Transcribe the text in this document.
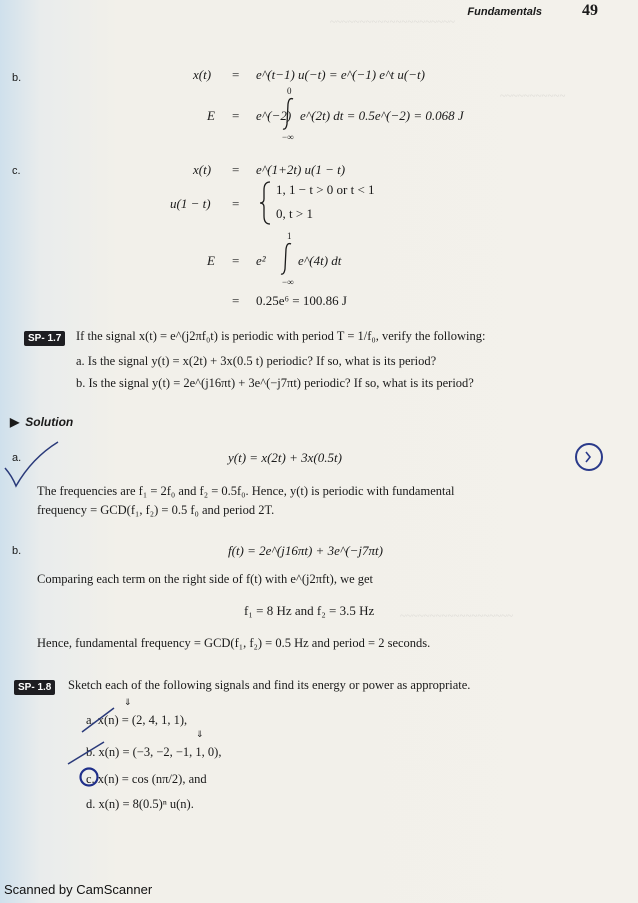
~~~~~~~~~~~~~~~~~~~~~
~~~~~~~~~~~
~~~~~~~~~~~~~~~~~~~
Fundamentals	49
b.	x(t) = e^(t−1) u(−t) = e^(−1) e^t u(−t)
0
E = e^(−2) e^(2t) dt = 0.5e^(−2) = 0.068 J
−∞
c.	x(t) = e^(1+2t) u(1 − t)
u(1 − t) =
1, 1 − t > 0 or t < 1
0, t > 1
1
E = e² e^(4t) dt
−∞
= 0.25e⁶ = 100.86 J
SP- 1.7	If the signal x(t) = e^(j2πf₀t) is periodic with period T = 1/f₀, verify the following:
a. Is the signal y(t) = x(2t) + 3x(0.5 t) periodic? If so, what is its period?
b. Is the signal y(t) = 2e^(j16πt) + 3e^(−j7πt) periodic? If so, what is its period?
▶ Solution
a.	y(t) = x(2t) + 3x(0.5t)
The frequencies are f₁ = 2f₀ and f₂ = 0.5f₀. Hence, y(t) is periodic with fundamental
frequency = GCD(f₁, f₂) = 0.5 f₀ and period 2T.
b.	f(t) = 2e^(j16πt) + 3e^(−j7πt)
Comparing each term on the right side of f(t) with e^(j2πft), we get
f₁ = 8 Hz and f₂ = 3.5 Hz
Hence, fundamental frequency = GCD(f₁, f₂) = 0.5 Hz and period = 2 seconds.
SP- 1.8	Sketch each of the following signals and find its energy or power as appropriate.
⇓
a. x(n) = (2, 4, 1, 1),
⇓
b. x(n) = (−3, −2, −1, 1, 0),
c. x(n) = cos (nπ/2), and
d. x(n) = 8(0.5)ⁿ u(n).
Scanned by CamScanner
